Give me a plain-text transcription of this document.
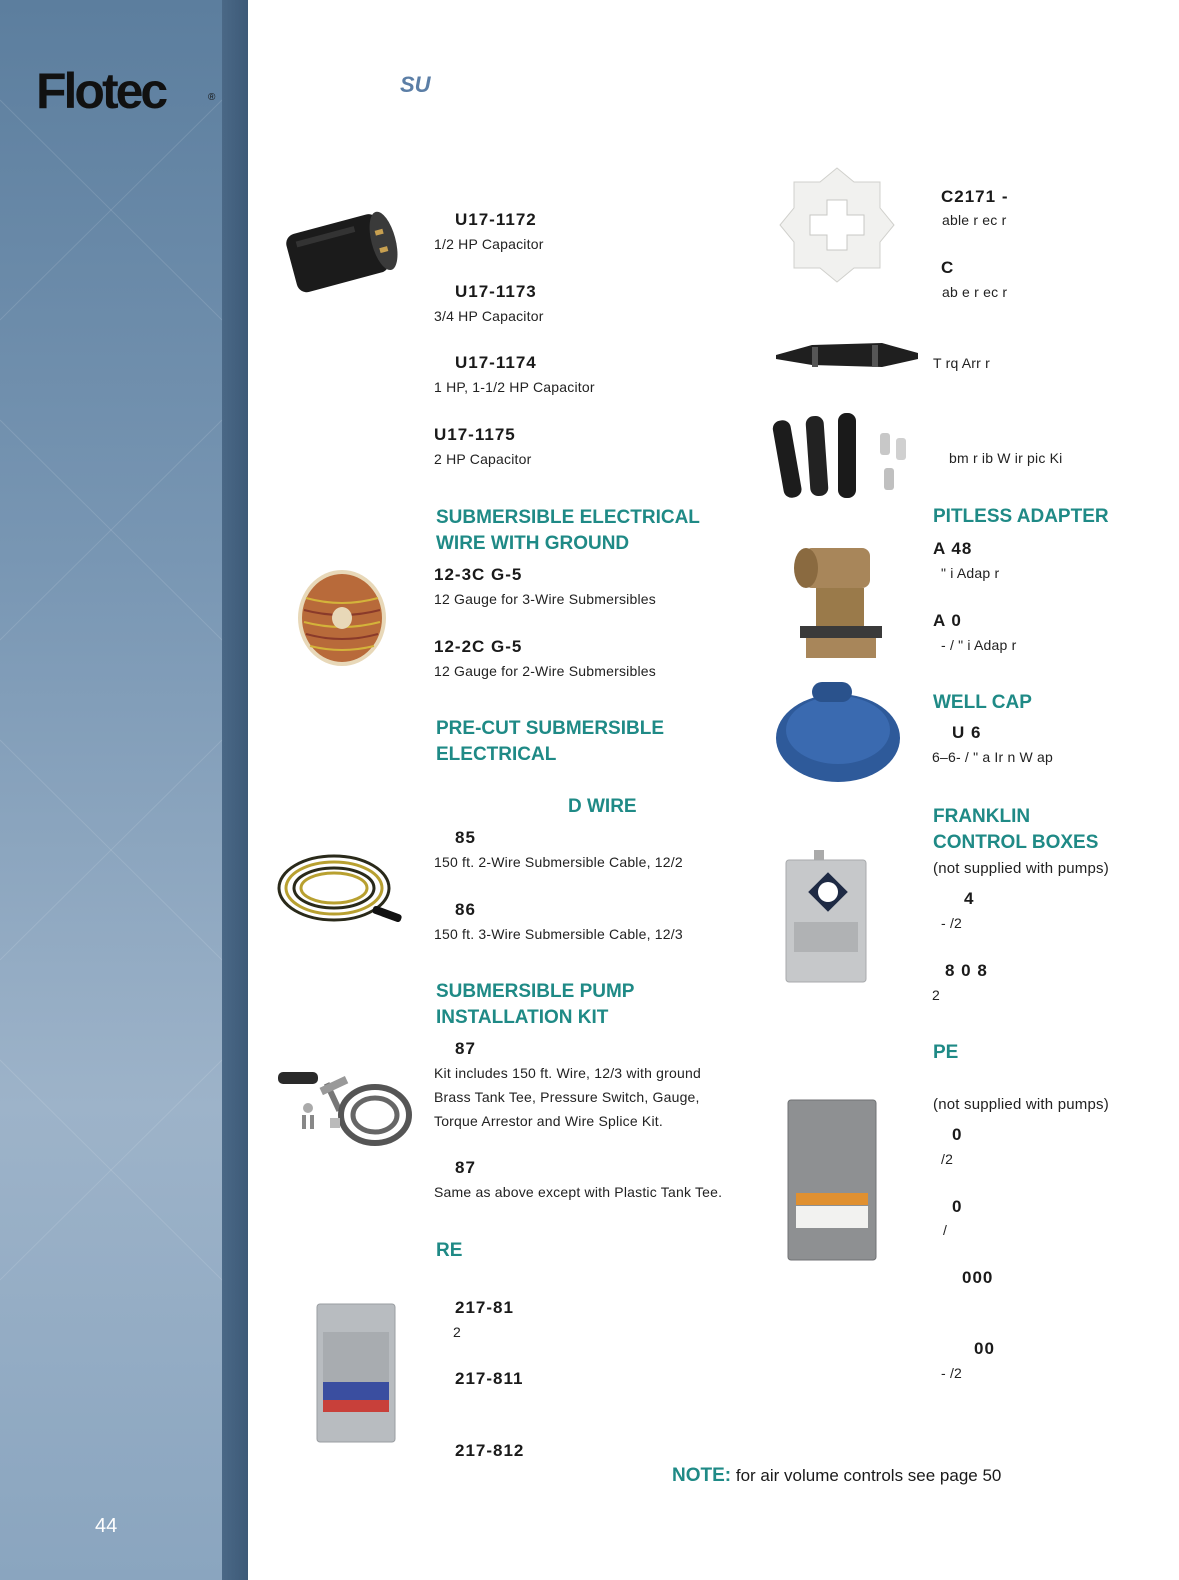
Flotec	®
44
SU
U17-1172
1/2 HP Capacitor
U17-1173
3/4 HP Capacitor
U17-1174
1 HP, 1-1/2 HP Capacitor
U17-1175
2 HP Capacitor
SUBMERSIBLE ELECTRICAL
WIRE WITH GROUND
12-3C G-5
12 Gauge for 3-Wire Submersibles
12-2C G-5
12 Gauge for 2-Wire Submersibles
PRE-CUT SUBMERSIBLE
ELECTRICAL
D WIRE
85
150 ft. 2-Wire Submersible Cable, 12/2
86
150 ft. 3-Wire Submersible Cable, 12/3
SUBMERSIBLE PUMP
INSTALLATION KIT
87
Kit includes 150 ft. Wire, 12/3 with ground
Brass Tank Tee, Pressure Switch, Gauge,
Torque Arrestor and Wire Splice Kit.
87
Same as above except with Plastic Tank Tee.
RE
217-81
2
217-811
217-812
C2171 -
able r ec r
C
ab e r ec r
T rq Arr r
bm r ib W ir pic Ki
PITLESS ADAPTER
A 48
" i Adap r
A 0
- / " i Adap r
WELL CAP
U 6
6–6- / " a Ir n W ap
FRANKLIN
CONTROL BOXES
(not supplied with pumps)
4
- /2
8 0 8
2
PE
(not supplied with pumps)
0
/2
0
/
000
00
- /2
NOTE: for air volume controls see page 50
